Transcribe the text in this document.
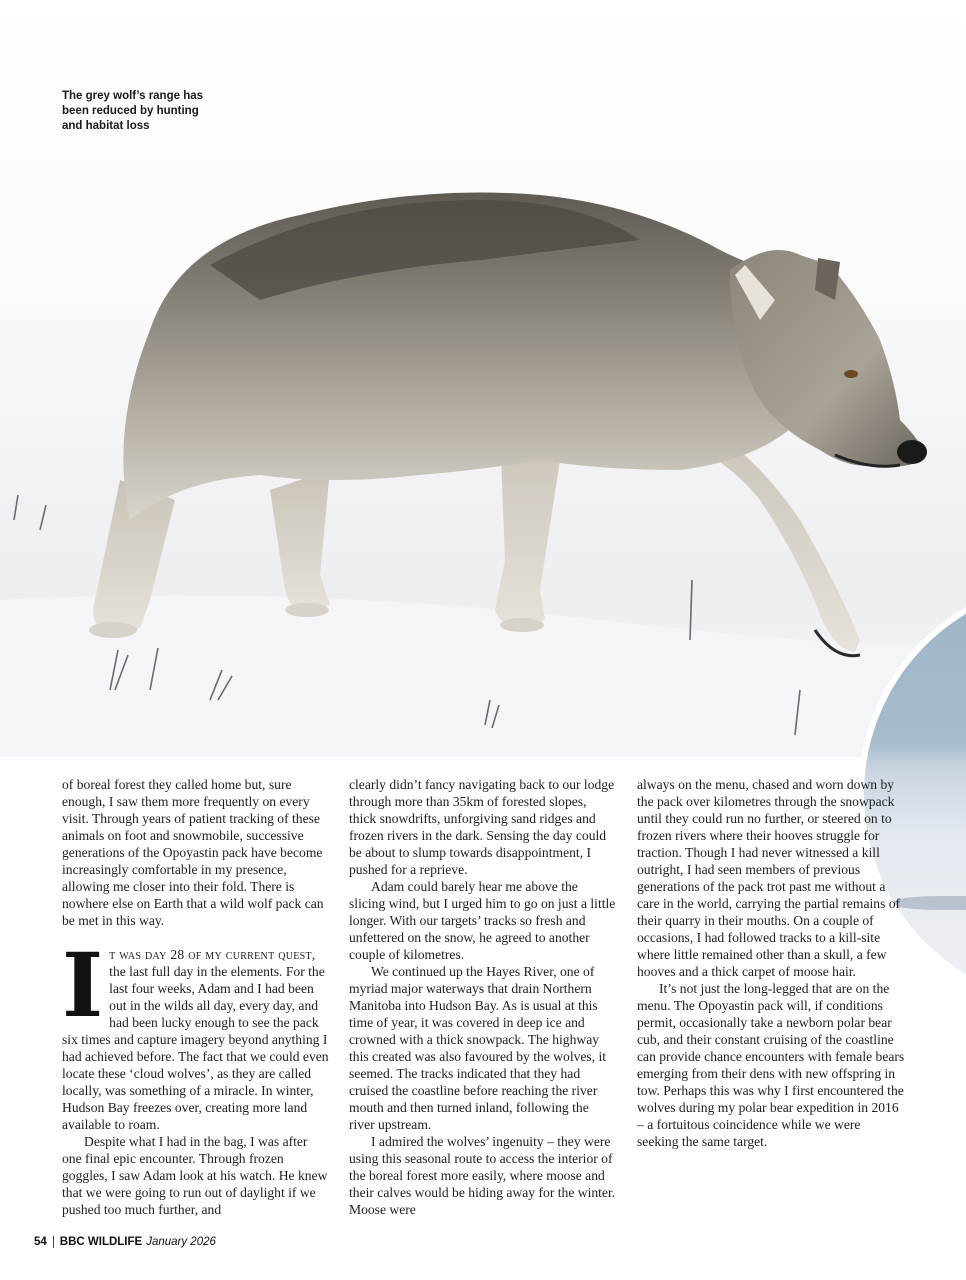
The grey wolf’s range has been reduced by hunting and habitat loss

of boreal forest they called home but, sure enough, I saw them more frequently on every visit. Through years of patient tracking of these animals on foot and snowmobile, successive generations of the Opoyastin pack have become increasingly comfortable in my presence, allowing me closer into their fold. There is nowhere else on Earth that a wild wolf pack can be met in this way.

It was day 28 of my current quest, the last full day in the elements. For the last four weeks, Adam and I had been out in the wilds all day, every day, and had been lucky enough to see the pack six times and capture imagery beyond anything I had achieved before. The fact that we could even locate these ‘cloud wolves’, as they are called locally, was something of a miracle. In winter, Hudson Bay freezes over, creating more land available to roam.

Despite what I had in the bag, I was after one final epic encounter. Through frozen goggles, I saw Adam look at his watch. He knew that we were going to run out of daylight if we pushed too much further, and

clearly didn’t fancy navigating back to our lodge through more than 35km of forested slopes, thick snowdrifts, unforgiving sand ridges and frozen rivers in the dark. Sensing the day could be about to slump towards disappointment, I pushed for a reprieve.

Adam could barely hear me above the slicing wind, but I urged him to go on just a little longer. With our targets’ tracks so fresh and unfettered on the snow, he agreed to another couple of kilometres.

We continued up the Hayes River, one of myriad major waterways that drain Northern Manitoba into Hudson Bay. As is usual at this time of year, it was covered in deep ice and crowned with a thick snowpack. The highway this created was also favoured by the wolves, it seemed. The tracks indicated that they had cruised the coastline before reaching the river mouth and then turned inland, following the river upstream.

I admired the wolves’ ingenuity – they were using this seasonal route to access the interior of the boreal forest more easily, where moose and their calves would be hiding away for the winter. Moose were

always on the menu, chased and worn down by the pack over kilometres through the snowpack until they could run no further, or steered on to frozen rivers where their hooves struggle for traction. Though I had never witnessed a kill outright, I had seen members of previous generations of the pack trot past me without a care in the world, carrying the partial remains of their quarry in their mouths. On a couple of occasions, I had followed tracks to a kill-site where little remained other than a skull, a few hooves and a thick carpet of moose hair.

It’s not just the long-legged that are on the menu. The Opoyastin pack will, if conditions permit, occasionally take a newborn polar bear cub, and their constant cruising of the coastline can provide chance encounters with female bears emerging from their dens with new offspring in tow. Perhaps this was why I first encountered the wolves during my polar bear expedition in 2016 – a fortuitous coincidence while we were seeking the same target.

54	BBC WILDLIFE January 2026
